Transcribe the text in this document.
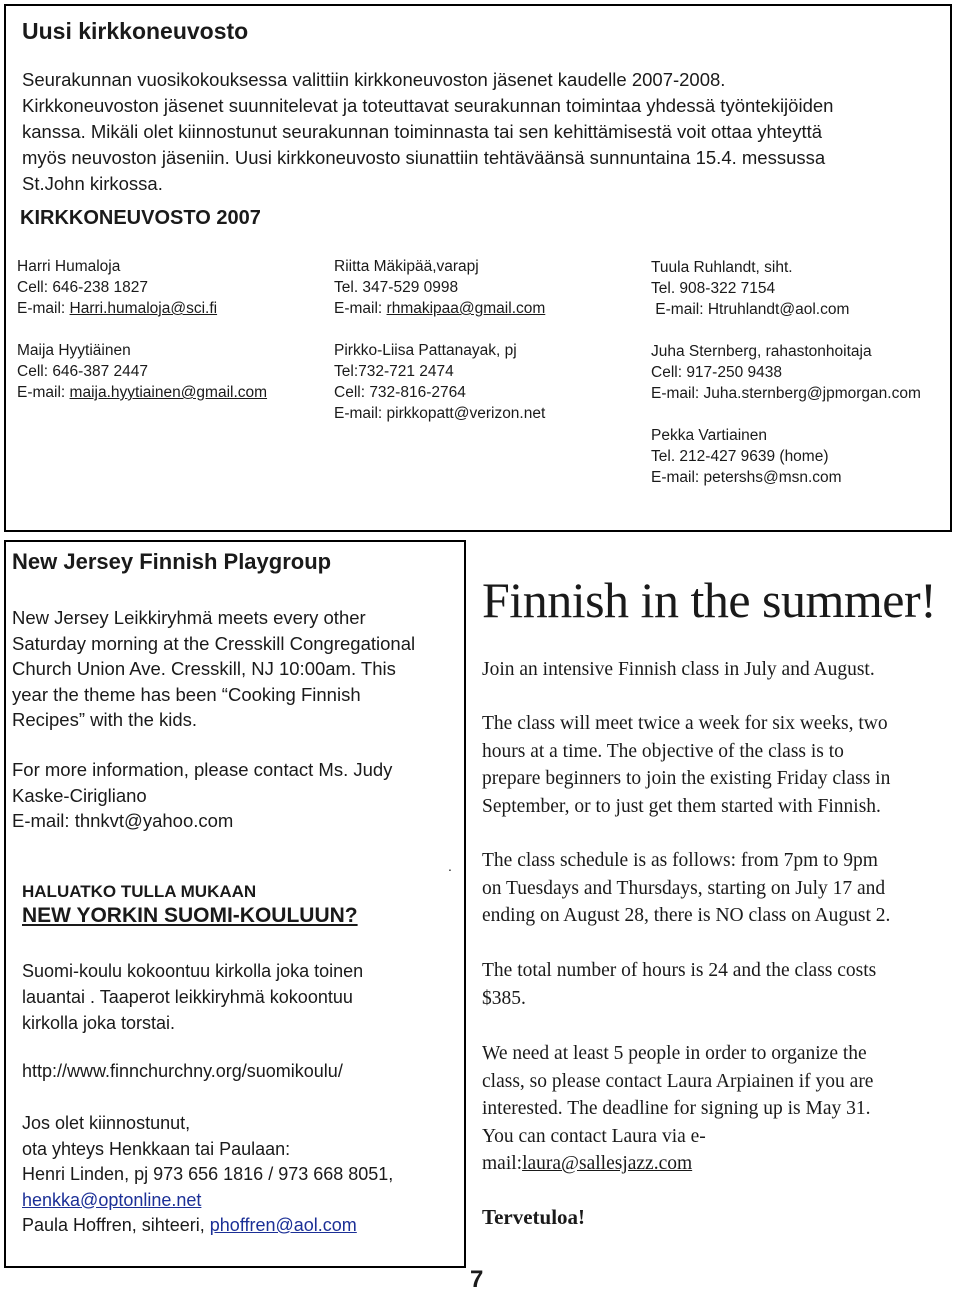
Uusi kirkkoneuvosto
Seurakunnan vuosikokouksessa valittiin kirkkoneuvoston jäsenet kaudelle 2007-2008.
Kirkkoneuvoston jäsenet suunnitelevat ja toteuttavat seurakunnan toimintaa yhdessä työntekijöiden
kanssa. Mikäli olet kiinnostunut seurakunnan toiminnasta tai sen kehittämisestä voit ottaa yhteyttä
myös neuvoston jäseniin. Uusi kirkkoneuvosto siunattiin tehtäväänsä sunnuntaina 15.4. messussa
St.John kirkossa.
KIRKKONEUVOSTO 2007
Harri Humaloja
Cell: 646-238 1827
E-mail: Harri.humaloja@sci.fi
Maija Hyytiäinen
Cell: 646-387 2447
E-mail: maija.hyytiainen@gmail.com
Riitta Mäkipää,varapj
Tel. 347-529 0998
E-mail: rhmakipaa@gmail.com
Pirkko-Liisa Pattanayak, pj
Tel:732-721 2474
Cell: 732-816-2764
E-mail: pirkkopatt@verizon.net
Tuula Ruhlandt, siht.
Tel. 908-322 7154
E-mail: Htruhlandt@aol.com
Juha Sternberg, rahastonhoitaja
Cell: 917-250 9438
E-mail: Juha.sternberg@jpmorgan.com
Pekka Vartiainen
Tel. 212-427 9639 (home)
E-mail: petershs@msn.com
New Jersey Finnish Playgroup
New Jersey Leikkiryhmä meets every other
Saturday morning at the Cresskill Congregational
Church Union Ave. Cresskill, NJ 10:00am. This
year the theme has been “Cooking Finnish
Recipes” with the kids.
For more information, please contact Ms. Judy
Kaske-Cirigliano
E-mail: thnkvt@yahoo.com
.
HALUATKO TULLA MUKAAN
NEW YORKIN SUOMI-KOULUUN?
Suomi-koulu kokoontuu kirkolla joka toinen
lauantai . Taaperot leikkiryhmä kokoontuu
kirkolla joka torstai.
http://www.finnchurchny.org/suomikoulu/
Jos olet kiinnostunut,
ota yhteys Henkkaan tai Paulaan:
Henri Linden, pj 973 656 1816 / 973 668 8051,
henkka@optonline.net
Paula Hoffren, sihteeri, phoffren@aol.com
Finnish in the summer!
Join an intensive Finnish class in July and August.
The class will meet twice a week for six weeks, two
hours at a time. The objective of the class is to
prepare beginners to join the existing Friday class in
September, or to just get them started with Finnish.
The class schedule is as follows: from 7pm to 9pm
on Tuesdays and Thursdays, starting on July 17 and
ending on August 28, there is NO class on August 2.
The total number of hours is 24 and the class costs
$385.
We need at least 5 people in order to organize the
class, so please contact Laura Arpiainen if you are
interested. The deadline for signing up is May 31.
You can contact Laura via e-
mail:laura@sallesjazz.com
Tervetuloa!
7
